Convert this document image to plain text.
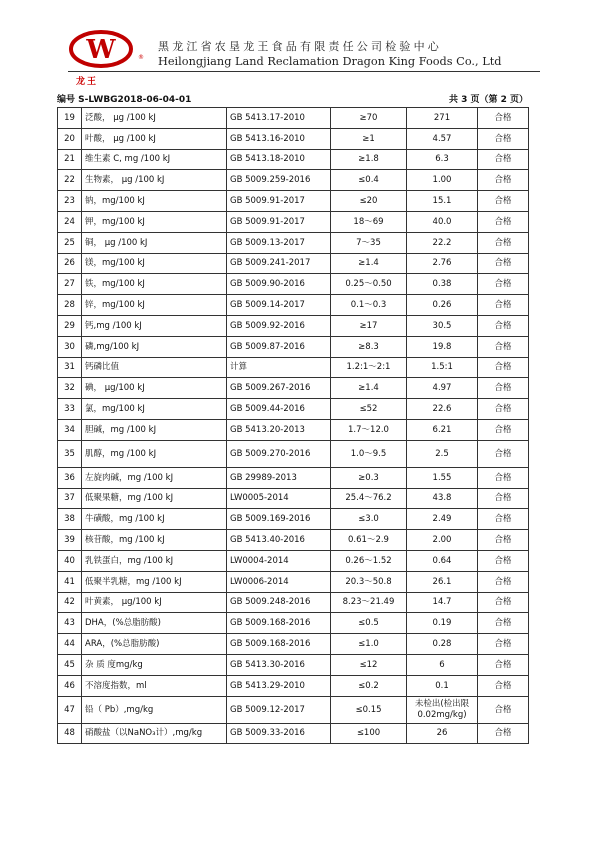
W
龙王
®
黑龙江省农垦龙王食品有限责任公司检验中心
Heilongjiang Land Reclamation Dragon King Foods Co., Ltd
编号 S-LWBG2018-06-04-01	共 3 页（第 2 页）
19	泛酸， μg /100 kJ	GB 5413.17-2010	≥70	271	合格
20	叶酸， μg /100 kJ	GB 5413.16-2010	≥1	4.57	合格
21	维生素 C, mg /100 kJ	GB 5413.18-2010	≥1.8	6.3	合格
22	生物素， μg /100 kJ	GB 5009.259-2016	≤0.4	1.00	合格
23	钠，mg/100 kJ	GB 5009.91-2017	≤20	15.1	合格
24	钾，mg/100 kJ	GB 5009.91-2017	18～69	40.0	合格
25	铜， μg /100 kJ	GB 5009.13-2017	7～35	22.2	合格
26	镁，mg/100 kJ	GB 5009.241-2017	≥1.4	2.76	合格
27	铁，mg/100 kJ	GB 5009.90-2016	0.25～0.50	0.38	合格
28	锌，mg/100 kJ	GB 5009.14-2017	0.1～0.3	0.26	合格
29	钙,mg /100 kJ	GB 5009.92-2016	≥17	30.5	合格
30	磷,mg/100 kJ	GB 5009.87-2016	≥8.3	19.8	合格
31	钙磷比值	计算	1.2:1～2:1	1.5:1	合格
32	碘， μg/100 kJ	GB 5009.267-2016	≥1.4	4.97	合格
33	氯，mg/100 kJ	GB 5009.44-2016	≤52	22.6	合格
34	胆碱，mg /100 kJ	GB 5413.20-2013	1.7～12.0	6.21	合格
35	肌醇，mg /100 kJ	GB 5009.270-2016	1.0～9.5	2.5	合格
36	左旋肉碱，mg /100 kJ	GB 29989-2013	≥0.3	1.55	合格
37	低聚果糖，mg /100 kJ	LW0005-2014	25.4～76.2	43.8	合格
38	牛磺酸，mg /100 kJ	GB 5009.169-2016	≤3.0	2.49	合格
39	核苷酸，mg /100 kJ	GB 5413.40-2016	0.61～2.9	2.00	合格
40	乳铁蛋白，mg /100 kJ	LW0004-2014	0.26～1.52	0.64	合格
41	低聚半乳糖，mg /100 kJ	LW0006-2014	20.3～50.8	26.1	合格
42	叶黄素， μg/100 kJ	GB 5009.248-2016	8.23～21.49	14.7	合格
43	DHA，(%总脂肪酸)	GB 5009.168-2016	≤0.5	0.19	合格
44	ARA，(%总脂肪酸)	GB 5009.168-2016	≤1.0	0.28	合格
45	杂 质 度mg/kg	GB 5413.30-2016	≤12	6	合格
46	不溶度指数，ml	GB 5413.29-2010	≤0.2	0.1	合格
47	铅（ Pb）,mg/kg	GB 5009.12-2017	≤0.15	未检出(检出限0.02mg/kg)	合格
48	硝酸盐（以NaNO₃计）,mg/kg	GB 5009.33-2016	≤100	26	合格
